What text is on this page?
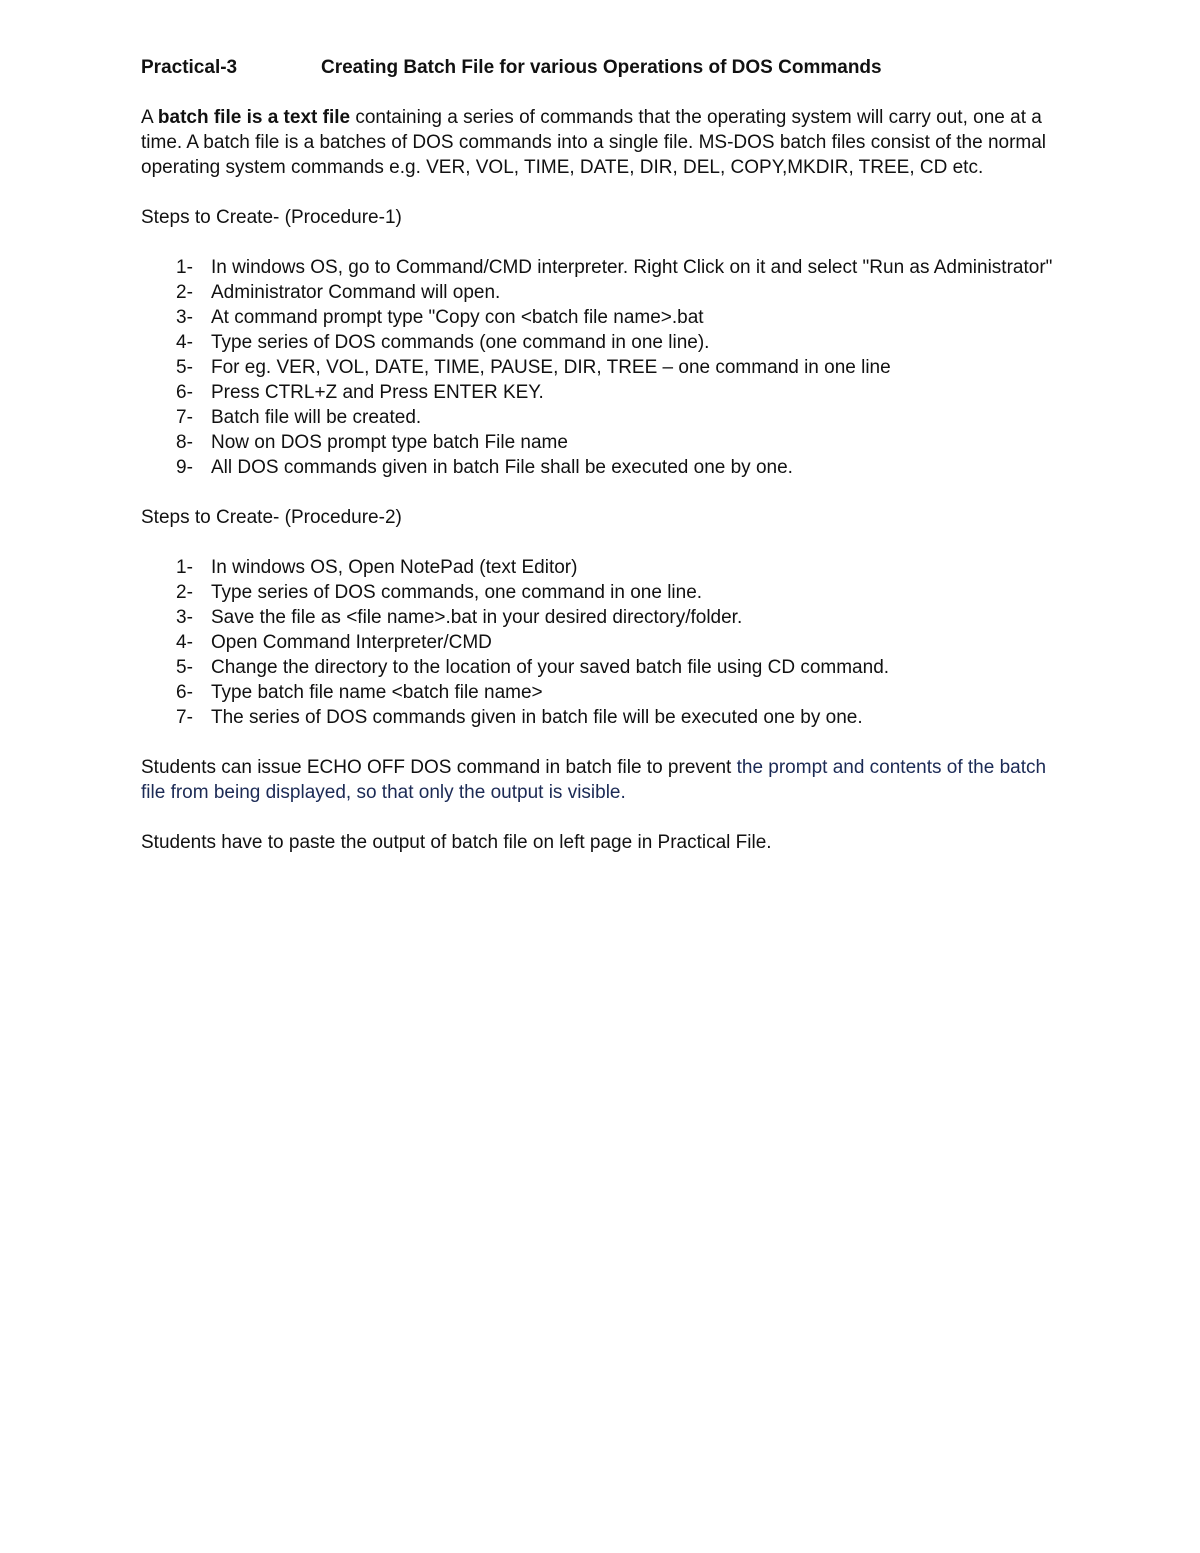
Practical-3	Creating Batch File for various Operations of DOS Commands

A batch file is a text file containing a series of commands that the operating system will carry out, one at a time. A batch file is a batches of DOS commands into a single file. MS-DOS batch files consist of the normal operating system commands e.g. VER, VOL, TIME, DATE, DIR, DEL, COPY,MKDIR, TREE, CD etc.

Steps to Create- (Procedure-1)

1- In windows OS, go to Command/CMD interpreter. Right Click on it and select "Run as Administrator"
2- Administrator Command will open.
3- At command prompt type "Copy con <batch file name>.bat
4- Type series of DOS commands (one command in one line).
5- For eg. VER, VOL, DATE, TIME, PAUSE, DIR, TREE – one command in one line
6- Press CTRL+Z and Press ENTER KEY.
7- Batch file will be created.
8- Now on DOS prompt type batch File name
9- All DOS commands given in batch File shall be executed one by one.

Steps to Create- (Procedure-2)

1- In windows OS, Open NotePad (text Editor)
2- Type series of DOS commands, one command in one line.
3- Save the file as <file name>.bat in your desired directory/folder.
4- Open Command Interpreter/CMD
5- Change the directory to the location of your saved batch file using CD command.
6- Type batch file name <batch file name>
7- The series of DOS commands given in batch file will be executed one by one.

Students can issue ECHO OFF DOS command in batch file to prevent the prompt and contents of the batch file from being displayed, so that only the output is visible.

Students have to paste the output of batch file on left page in Practical File.
